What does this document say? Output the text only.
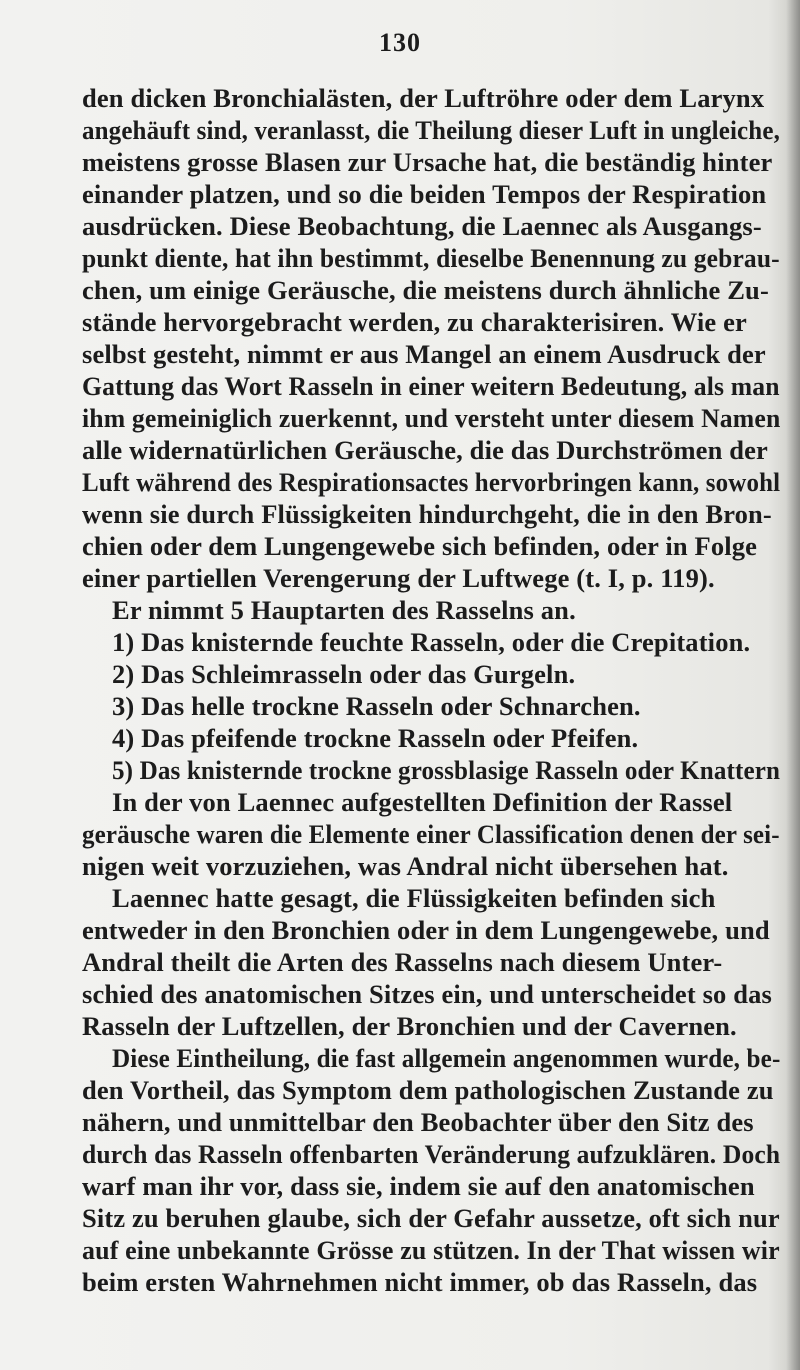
130
den dicken Bronchialästen, der Luftröhre oder dem Larynx
angehäuft sind, veranlasst, die Theilung dieser Luft in ungleiche,
meistens grosse Blasen zur Ursache hat, die beständig hinter
einander platzen, und so die beiden Tempos der Respiration
ausdrücken. Diese Beobachtung, die Laennec als Ausgangs-
punkt diente, hat ihn bestimmt, dieselbe Benennung zu gebrau-
chen, um einige Geräusche, die meistens durch ähnliche Zu-
stände hervorgebracht werden, zu charakterisiren. Wie er
selbst gesteht, nimmt er aus Mangel an einem Ausdruck der
Gattung das Wort Rasseln in einer weitern Bedeutung, als man
ihm gemeiniglich zuerkennt, und versteht unter diesem Namen
alle widernatürlichen Geräusche, die das Durchströmen der
Luft während des Respirationsactes hervorbringen kann, sowohl
wenn sie durch Flüssigkeiten hindurchgeht, die in den Bron-
chien oder dem Lungengewebe sich befinden, oder in Folge
einer partiellen Verengerung der Luftwege (t. I, p. 119).
Er nimmt 5 Hauptarten des Rasselns an.
1) Das knisternde feuchte Rasseln, oder die Crepitation.
2) Das Schleimrasseln oder das Gurgeln.
3) Das helle trockne Rasseln oder Schnarchen.
4) Das pfeifende trockne Rasseln oder Pfeifen.
5) Das knisternde trockne grossblasige Rasseln oder Knattern
In der von Laennec aufgestellten Definition der Rassel
geräusche waren die Elemente einer Classification denen der sei-
nigen weit vorzuziehen, was Andral nicht übersehen hat.
Laennec hatte gesagt, die Flüssigkeiten befinden sich
entweder in den Bronchien oder in dem Lungengewebe, und
Andral theilt die Arten des Rasselns nach diesem Unter-
schied des anatomischen Sitzes ein, und unterscheidet so das
Rasseln der Luftzellen, der Bronchien und der Cavernen.
Diese Eintheilung, die fast allgemein angenommen wurde, be-
den Vortheil, das Symptom dem pathologischen Zustande zu
nähern, und unmittelbar den Beobachter über den Sitz des
durch das Rasseln offenbarten Veränderung aufzuklären. Doch
warf man ihr vor, dass sie, indem sie auf den anatomischen
Sitz zu beruhen glaube, sich der Gefahr aussetze, oft sich nur
auf eine unbekannte Grösse zu stützen. In der That wissen wir
beim ersten Wahrnehmen nicht immer, ob das Rasseln, das
